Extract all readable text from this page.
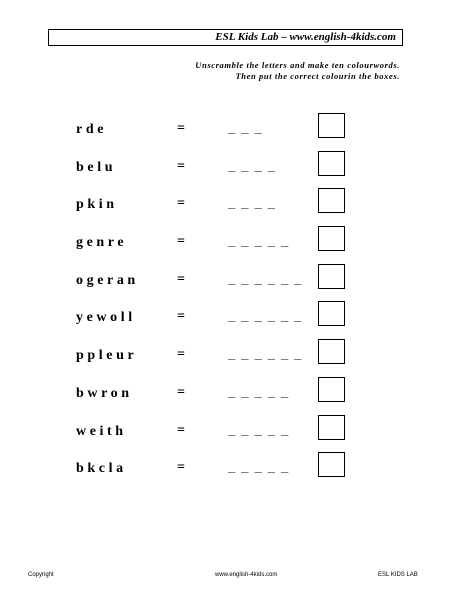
ESL Kids Lab – www.english-4kids.com
Unscramble the letters and make ten colourwords.
Then put the correct colourin the boxes.
rde	=	_ _ _
belu	=	_ _ _ _
pkin	=	_ _ _ _
genre	=	_ _ _ _ _
ogeran	=	_ _ _ _ _ _
yewoll	=	_ _ _ _ _ _
ppleur	=	_ _ _ _ _ _
bwron	=	_ _ _ _ _
weith	=	_ _ _ _ _
bkcla	=	_ _ _ _ _
Copyright	www.english-4kids.com	ESL KIDS LAB
